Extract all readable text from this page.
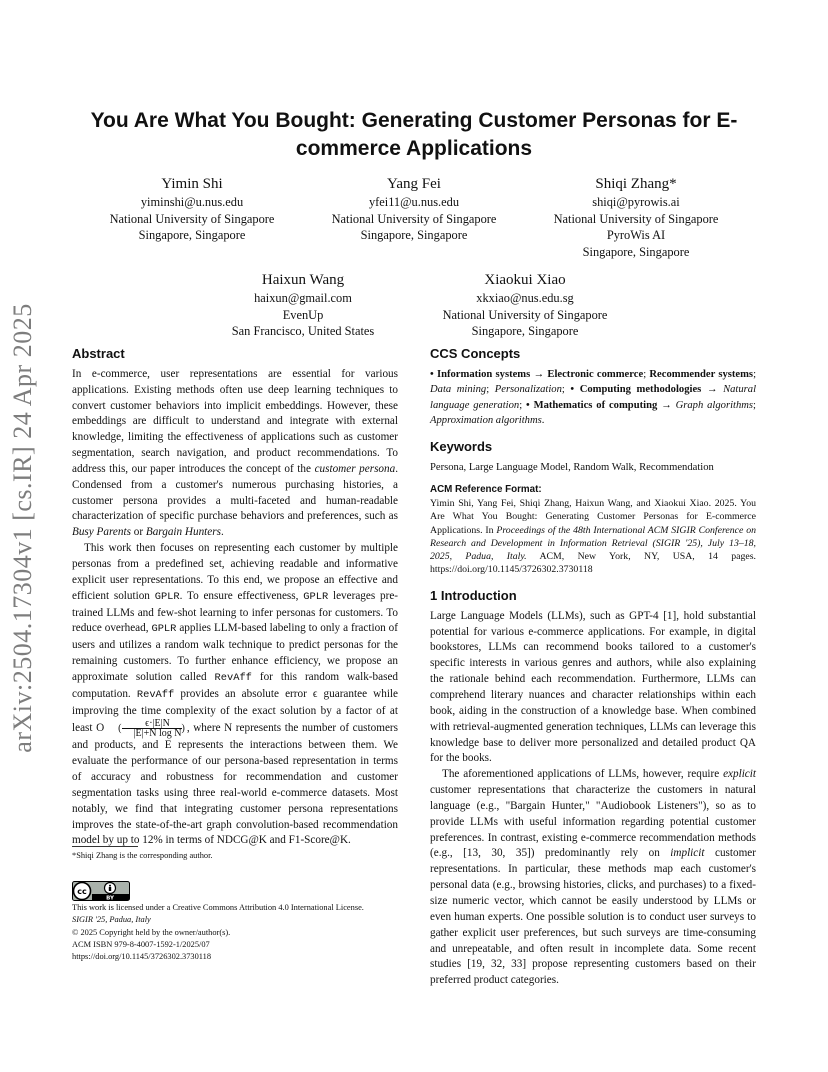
arXiv:2504.17304v1 [cs.IR] 24 Apr 2025
You Are What You Bought: Generating Customer Personas for E-commerce Applications
Yimin Shi
yiminshi@u.nus.edu
National University of Singapore
Singapore, Singapore
Yang Fei
yfei11@u.nus.edu
National University of Singapore
Singapore, Singapore
Shiqi Zhang*
shiqi@pyrowis.ai
National University of Singapore
PyroWis AI
Singapore, Singapore
Haixun Wang
haixun@gmail.com
EvenUp
San Francisco, United States
Xiaokui Xiao
xkxiao@nus.edu.sg
National University of Singapore
Singapore, Singapore
Abstract

In e-commerce, user representations are essential for various applications. Existing methods often use deep learning techniques to convert customer behaviors into implicit embeddings. However, these embeddings are difficult to understand and integrate with external knowledge, limiting the effectiveness of applications such as customer segmentation, search navigation, and product recommendations. To address this, our paper introduces the concept of the customer persona. Condensed from a customer's numerous purchasing histories, a customer persona provides a multi-faceted and human-readable characterization of specific purchase behaviors and preferences, such as Busy Parents or Bargain Hunters.

This work then focuses on representing each customer by multiple personas from a predefined set, achieving readable and informative explicit user representations. To this end, we propose an effective and efficient solution GPLR. To ensure effectiveness, GPLR leverages pre-trained LLMs and few-shot learning to infer personas for customers. To reduce overhead, GPLR applies LLM-based labeling to only a fraction of users and utilizes a random walk technique to predict personas for the remaining customers. To further enhance efficiency, we propose an approximate solution called RevAff for this random walk-based computation. RevAff provides an absolute error ϵ guarantee while improving the time complexity of the exact solution by a factor of at least O ( $\frac{\epsilon\cdot|E|N}{\text{|E|+N log N}}$ ) , where N represents the number of customers and products, and E represents the interactions between them. We evaluate the performance of our persona-based representation in terms of accuracy and robustness for recommendation and customer segmentation tasks using three real-world e-commerce datasets. Most notably, we find that integrating customer persona representations improves the state-of-the-art graph convolution-based recommendation model by up to 12% in terms of NDCG@K and F1-Score@K.

*Shiqi Zhang is the corresponding author.
cc
BY
This work is licensed under a Creative Commons Attribution 4.0 International License.
SIGIR '25, Padua, Italy
© 2025 Copyright held by the owner/author(s).
ACM ISBN 979-8-4007-1592-1/2025/07
https://doi.org/10.1145/3726302.3730118
CCS Concepts

• Information systems → Electronic commerce; Recommender systems; Data mining; Personalization; • Computing methodologies → Natural language generation; • Mathematics of computing → Graph algorithms; Approximation algorithms.

Keywords

Persona, Large Language Model, Random Walk, Recommendation

ACM Reference Format:

Yimin Shi, Yang Fei, Shiqi Zhang, Haixun Wang, and Xiaokui Xiao. 2025. You Are What You Bought: Generating Customer Personas for E-commerce Applications. In Proceedings of the 48th International ACM SIGIR Conference on Research and Development in Information Retrieval (SIGIR '25), July 13–18, 2025, Padua, Italy. ACM, New York, NY, USA, 14 pages. https://doi.org/10.1145/3726302.3730118

1 Introduction

Large Language Models (LLMs), such as GPT-4 [1], hold substantial potential for various e-commerce applications. For example, in digital bookstores, LLMs can recommend books tailored to a customer's specific interests in various genres and authors, while also explaining the rationale behind each recommendation. Furthermore, LLMs can comprehend literary nuances and character relationships within each book, aiding in the construction of a knowledge base. When combined with retrieval-augmented generation techniques, LLMs can leverage this knowledge base to deliver more personalized and detailed product QA for the books.

The aforementioned applications of LLMs, however, require explicit customer representations that characterize the customers in natural language (e.g., "Bargain Hunter," "Audiobook Listeners"), so as to provide LLMs with useful information regarding potential customer preferences. In contrast, existing e-commerce recommendation methods (e.g., [13, 30, 35]) predominantly rely on implicit customer representations. In particular, these methods map each customer's personal data (e.g., browsing histories, clicks, and purchases) to a fixed-size numeric vector, which cannot be easily understood by LLMs or even human experts. One possible solution is to conduct user surveys to gather explicit user preferences, but such surveys are time-consuming and unrepeatable, and often result in incomplete data. Some recent studies [19, 32, 33] propose representing customers based on their preferred product categories.
